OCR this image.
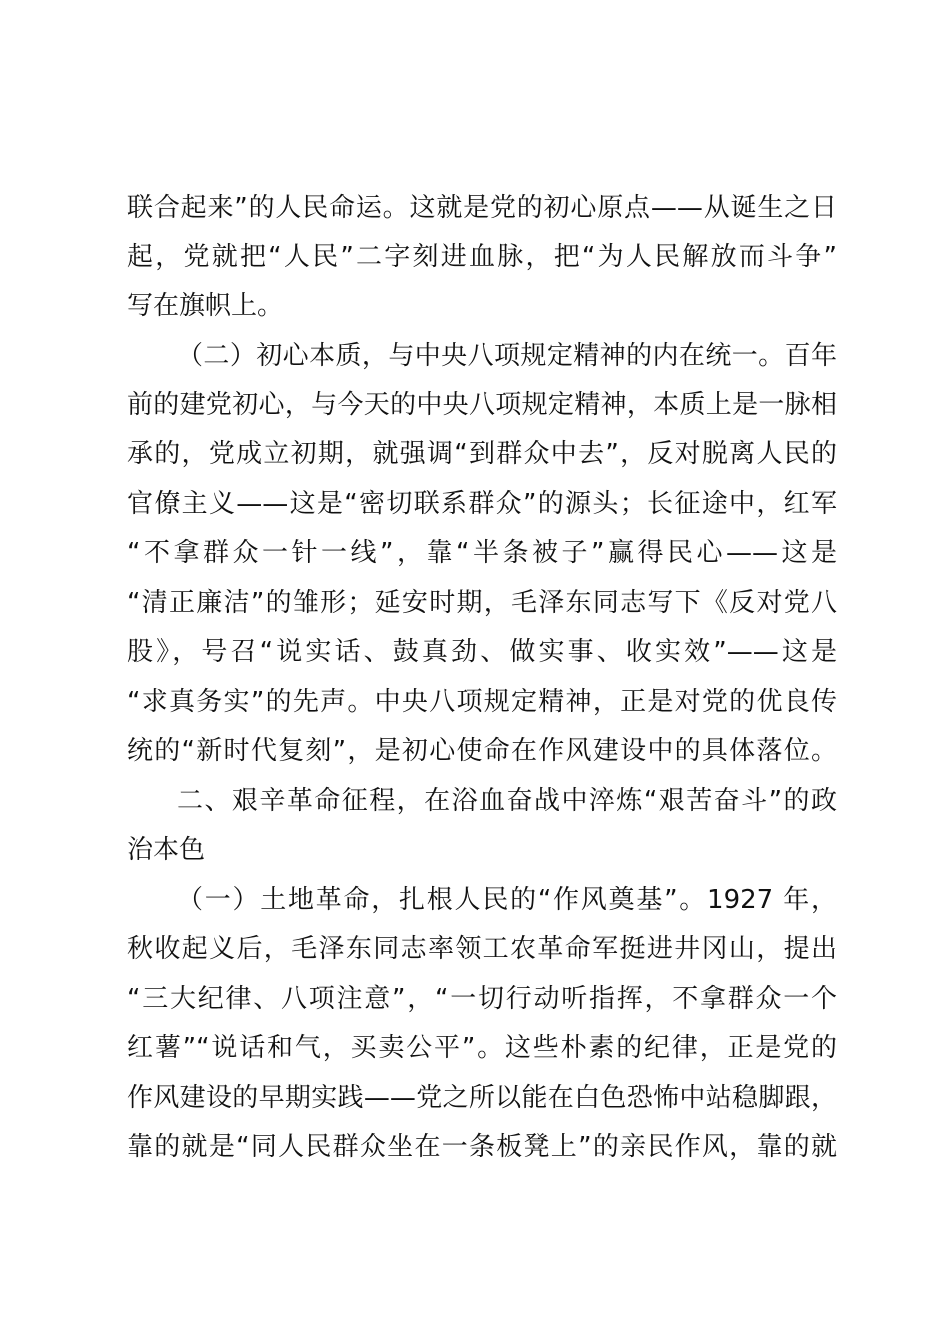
联合起来”的人民命运。这就是党的初心原点——从诞生之日
起，党就把“人民”二字刻进血脉，把“为人民解放而斗争”
写在旗帜上。
（二）初心本质，与中央八项规定精神的内在统一。百年
前的建党初心，与今天的中央八项规定精神，本质上是一脉相
承的，党成立初期，就强调“到群众中去”，反对脱离人民的
官僚主义——这是“密切联系群众”的源头；长征途中，红军
“不拿群众一针一线”，靠“半条被子”赢得民心——这是
“清正廉洁”的雏形；延安时期，毛泽东同志写下《反对党八
股》，号召“说实话、鼓真劲、做实事、收实效”——这是
“求真务实”的先声。中央八项规定精神，正是对党的优良传
统的“新时代复刻”，是初心使命在作风建设中的具体落位。
二、艰辛革命征程，在浴血奋战中淬炼“艰苦奋斗”的政
治本色
（一）土地革命，扎根人民的“作风奠基”。1927 年，
秋收起义后，毛泽东同志率领工农革命军挺进井冈山，提出
“三大纪律、八项注意”，“一切行动听指挥，不拿群众一个
红薯”“说话和气，买卖公平”。这些朴素的纪律，正是党的
作风建设的早期实践——党之所以能在白色恐怖中站稳脚跟，
靠的就是“同人民群众坐在一条板凳上”的亲民作风，靠的就
